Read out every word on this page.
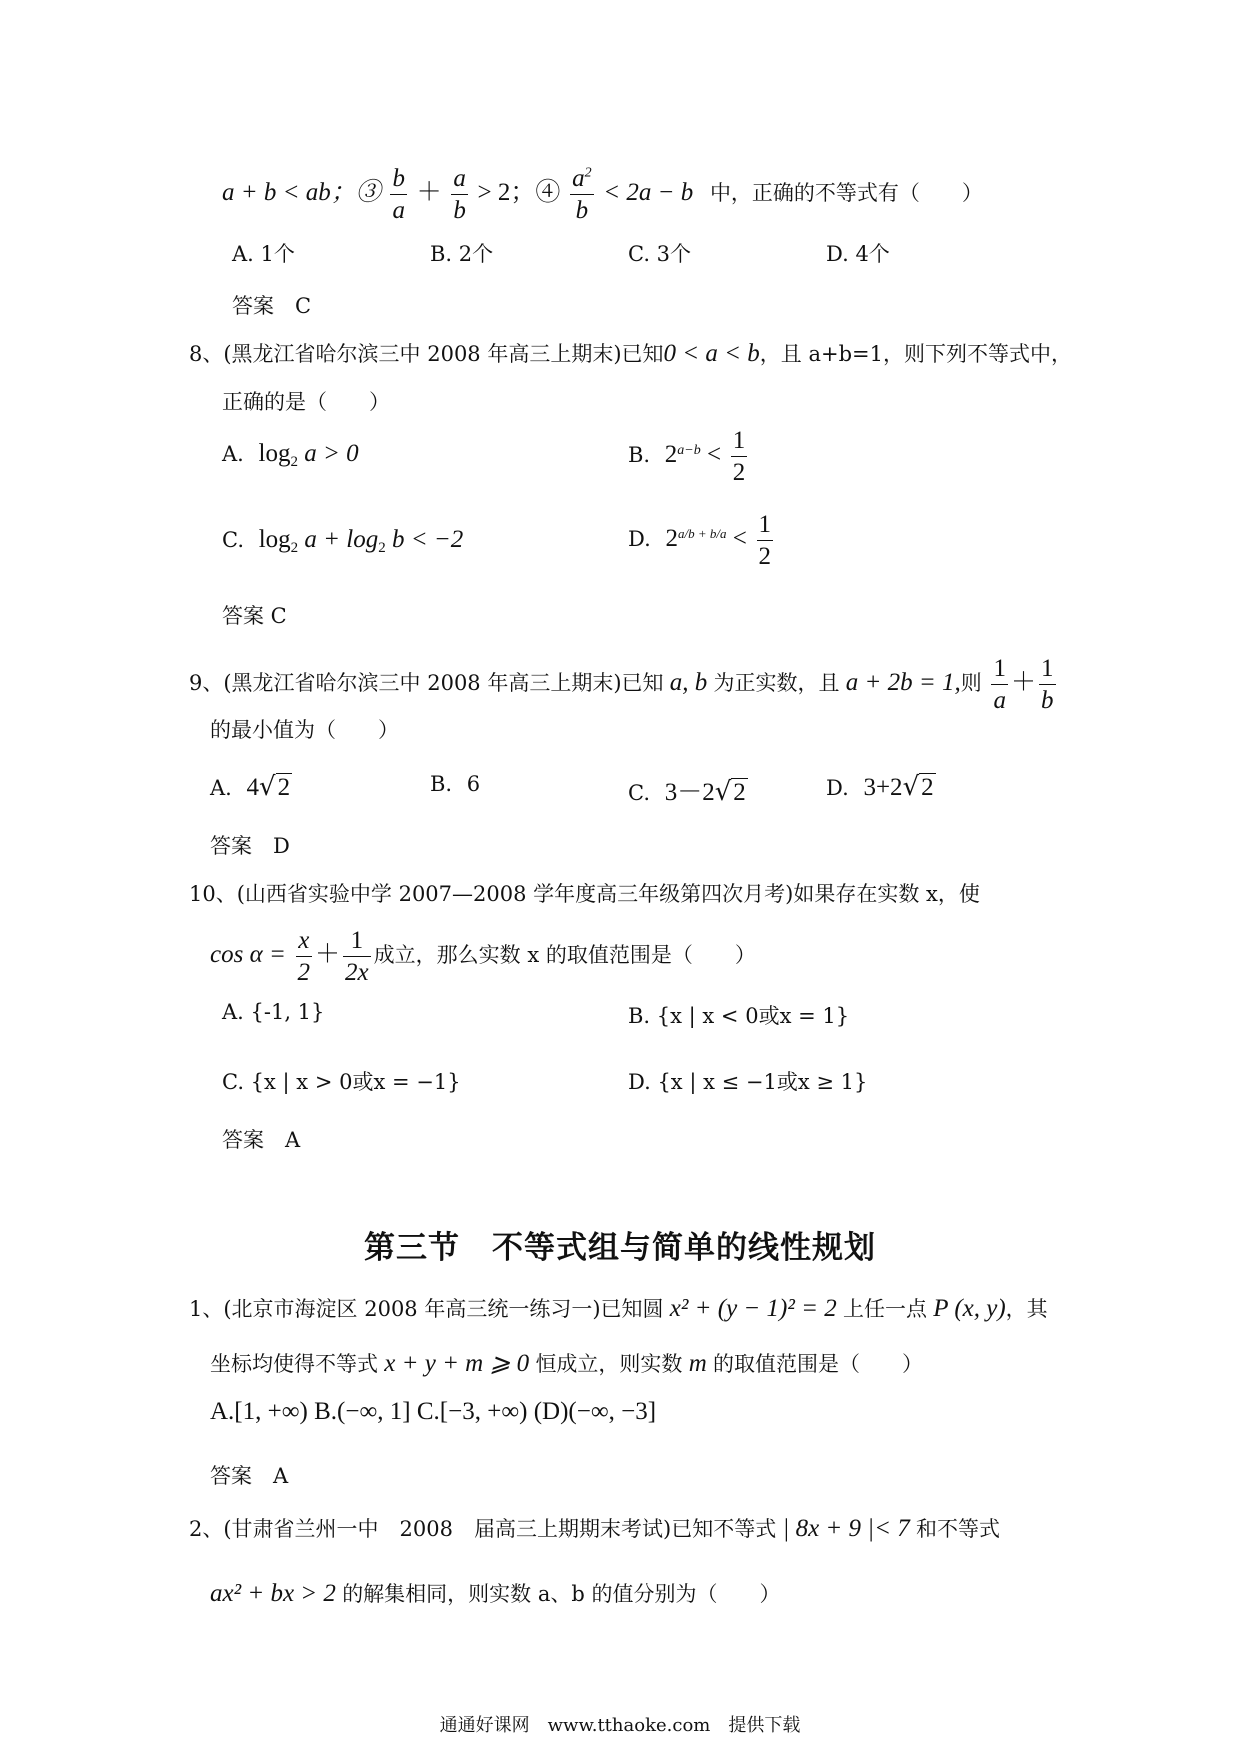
a + b < ab；③ $\frac{b}{a} + \frac{a}{b} > 2$；④ $\frac{a^2}{b} < 2a - b$ 中，正确的不等式有（　　）
A. 1个	B. 2个	C. 3个	D. 4个
答案　C
8、(黑龙江省哈尔滨三中 2008 年高三上期末)已知0 < a < b，且 a+b=1，则下列不等式中，
正确的是（　　）
A. $\log_2 a > 0$	B. $2^{a-b} < \frac{1}{2}$
C. $\log_2 a + \log_2 b < -2$	D. $2^{a/b + b/a} < \frac{1}{2}$
答案 C
9、(黑龙江省哈尔滨三中 2008 年高三上期末)已知 a, b 为正实数，且 a + 2b = 1,则 $\frac{1}{a} + \frac{1}{b}$
的最小值为（　　）
A. 4√2	B. 6	C. 3－2√2	D. 3+2√2
答案　D
10、(山西省实验中学 2007—2008 学年度高三年级第四次月考)如果存在实数 x，使
$\cos \alpha = \frac{x}{2} + \frac{1}{2x}$ 成立，那么实数 x 的取值范围是（　　）
A. {-1, 1}	B. {x | x < 0或x = 1}
C. {x | x > 0或x = −1}	D. {x | x ≤ −1或x ≥ 1}
答案　A
第三节　不等式组与简单的线性规划
1、(北京市海淀区 2008 年高三统一练习一)已知圆 x² + (y − 1)² = 2 上任一点 P (x, y)，其
坐标均使得不等式 x + y + m ⩾ 0 恒成立，则实数 m 的取值范围是（　　）
A.[1, +∞) B.(−∞, 1] C.[−3, +∞) (D)(−∞, −3]
答案　A
2、(甘肃省兰州一中　2008　届高三上期期末考试)已知不等式 | 8x + 9 |< 7 和不等式
ax² + bx > 2 的解集相同，则实数 a、b 的值分别为（　　）
通通好课网　www.tthaoke.com　提供下载
